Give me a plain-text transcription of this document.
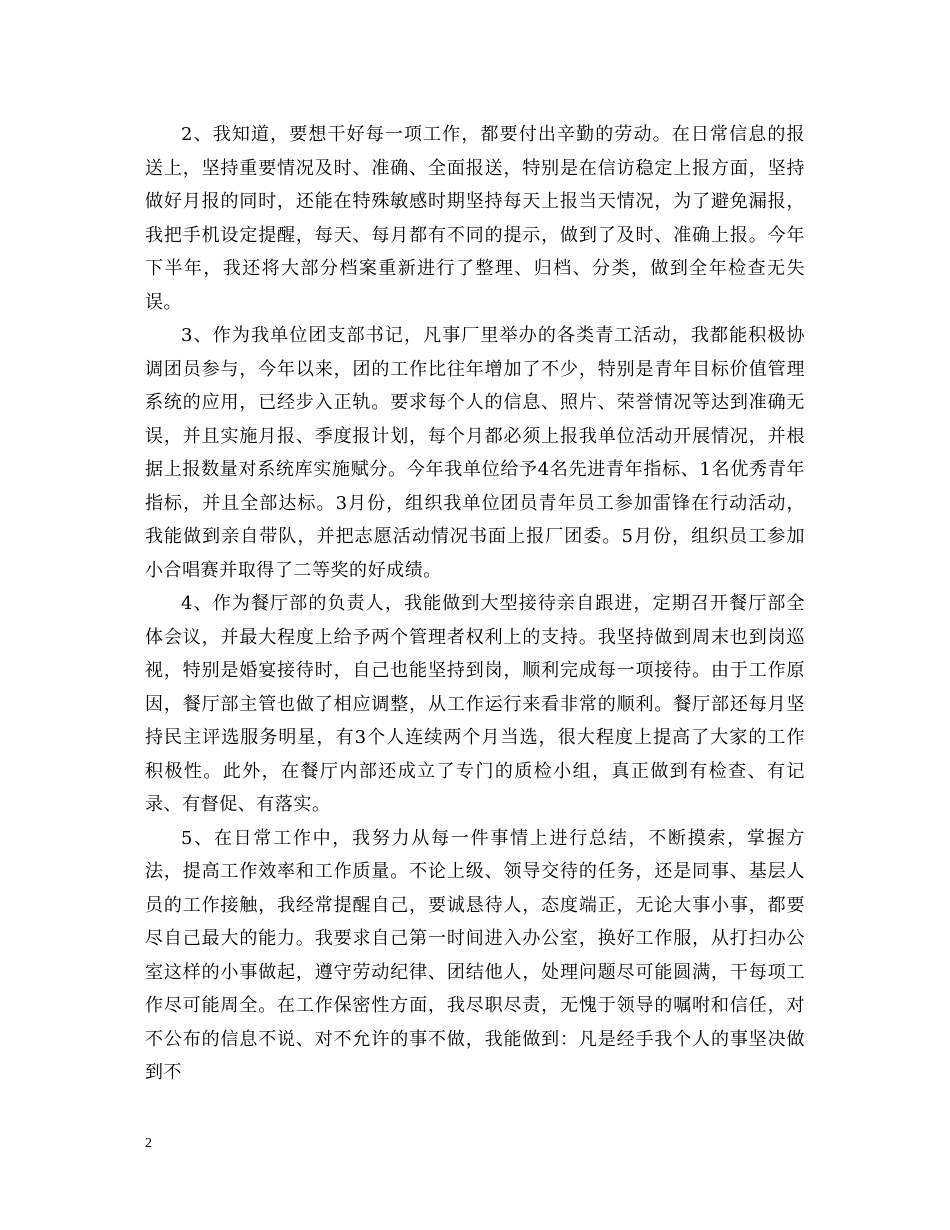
2、我知道，要想干好每一项工作，都要付出辛勤的劳动。在日常信息的报送上，坚持重要情况及时、准确、全面报送，特别是在信访稳定上报方面，坚持做好月报的同时，还能在特殊敏感时期坚持每天上报当天情况，为了避免漏报，我把手机设定提醒，每天、每月都有不同的提示，做到了及时、准确上报。今年下半年，我还将大部分档案重新进行了整理、归档、分类，做到全年检查无失误。

3、作为我单位团支部书记，凡事厂里举办的各类青工活动，我都能积极协调团员参与，今年以来，团的工作比往年增加了不少，特别是青年目标价值管理系统的应用，已经步入正轨。要求每个人的信息、照片、荣誉情况等达到准确无误，并且实施月报、季度报计划，每个月都必须上报我单位活动开展情况，并根据上报数量对系统库实施赋分。今年我单位给予4名先进青年指标、1名优秀青年指标，并且全部达标。3月份，组织我单位团员青年员工参加雷锋在行动活动，我能做到亲自带队，并把志愿活动情况书面上报厂团委。5月份，组织员工参加小合唱赛并取得了二等奖的好成绩。

4、作为餐厅部的负责人，我能做到大型接待亲自跟进，定期召开餐厅部全体会议，并最大程度上给予两个管理者权利上的支持。我坚持做到周末也到岗巡视，特别是婚宴接待时，自己也能坚持到岗，顺利完成每一项接待。由于工作原因，餐厅部主管也做了相应调整，从工作运行来看非常的顺利。餐厅部还每月坚持民主评选服务明星，有3个人连续两个月当选，很大程度上提高了大家的工作积极性。此外，在餐厅内部还成立了专门的质检小组，真正做到有检查、有记录、有督促、有落实。

5、在日常工作中，我努力从每一件事情上进行总结，不断摸索，掌握方法，提高工作效率和工作质量。不论上级、领导交待的任务，还是同事、基层人员的工作接触，我经常提醒自己，要诚恳待人，态度端正，无论大事小事，都要尽自己最大的能力。我要求自己第一时间进入办公室，换好工作服，从打扫办公室这样的小事做起，遵守劳动纪律、团结他人，处理问题尽可能圆满，干每项工作尽可能周全。在工作保密性方面，我尽职尽责，无愧于领导的嘱咐和信任，对不公布的信息不说、对不允许的事不做，我能做到：凡是经手我个人的事坚决做到不

2
